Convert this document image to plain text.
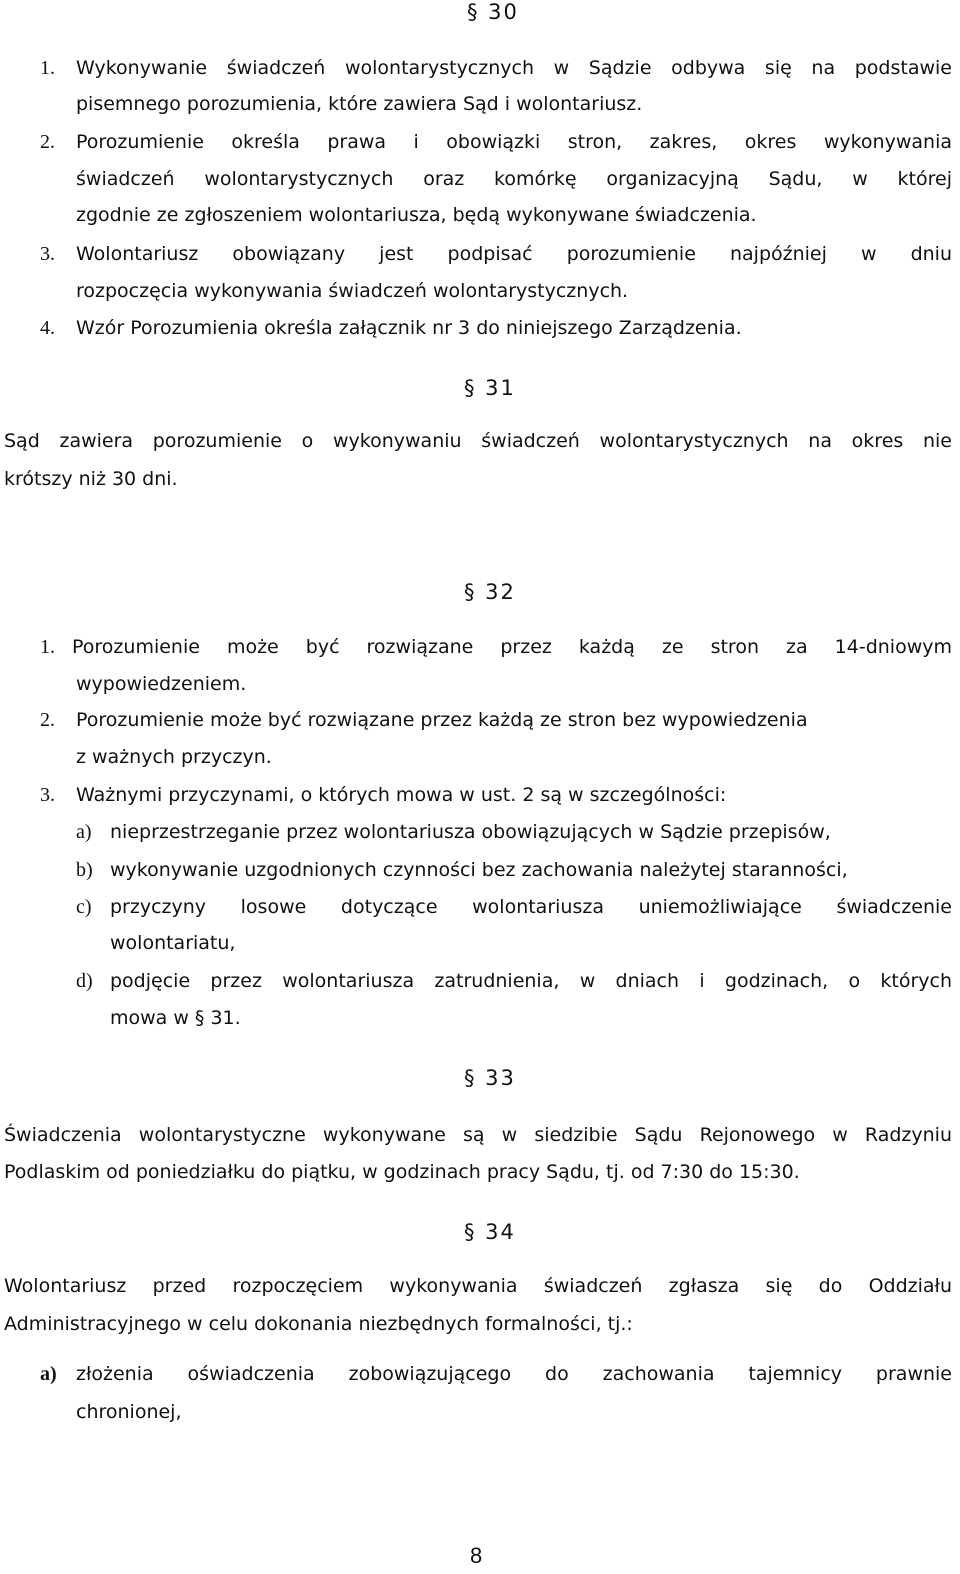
§ 30
1. Wykonywanie świadczeń wolontarystycznych w Sądzie odbywa się na podstawie
pisemnego porozumienia, które zawiera Sąd i wolontariusz.
2. Porozumienie określa prawa i obowiązki stron, zakres, okres wykonywania
świadczeń wolontarystycznych oraz komórkę organizacyjną Sądu, w której
zgodnie ze zgłoszeniem wolontariusza, będą wykonywane świadczenia.
3. Wolontariusz obowiązany jest podpisać porozumienie najpóźniej w dniu
rozpoczęcia wykonywania świadczeń wolontarystycznych.
4. Wzór Porozumienia określa załącznik nr 3 do niniejszego Zarządzenia.
§ 31
Sąd zawiera porozumienie o wykonywaniu świadczeń wolontarystycznych na okres nie
krótszy niż 30 dni.
§ 32
1. Porozumienie może być rozwiązane przez każdą ze stron za 14-dniowym
wypowiedzeniem.
2. Porozumienie może być rozwiązane przez każdą ze stron bez wypowiedzenia
z ważnych przyczyn.
3. Ważnymi przyczynami, o których mowa w ust. 2 są w szczególności:
a) nieprzestrzeganie przez wolontariusza obowiązujących w Sądzie przepisów,
b) wykonywanie uzgodnionych czynności bez zachowania należytej staranności,
c) przyczyny losowe dotyczące wolontariusza uniemożliwiające świadczenie
wolontariatu,
d) podjęcie przez wolontariusza zatrudnienia, w dniach i godzinach, o których
mowa w § 31.
§ 33
Świadczenia wolontarystyczne wykonywane są w siedzibie Sądu Rejonowego w Radzyniu
Podlaskim od poniedziałku do piątku, w godzinach pracy Sądu, tj. od 7:30 do 15:30.
§ 34
Wolontariusz przed rozpoczęciem wykonywania świadczeń zgłasza się do Oddziału
Administracyjnego w celu dokonania niezbędnych formalności, tj.:
a) złożenia oświadczenia zobowiązującego do zachowania tajemnicy prawnie
chronionej,
8
